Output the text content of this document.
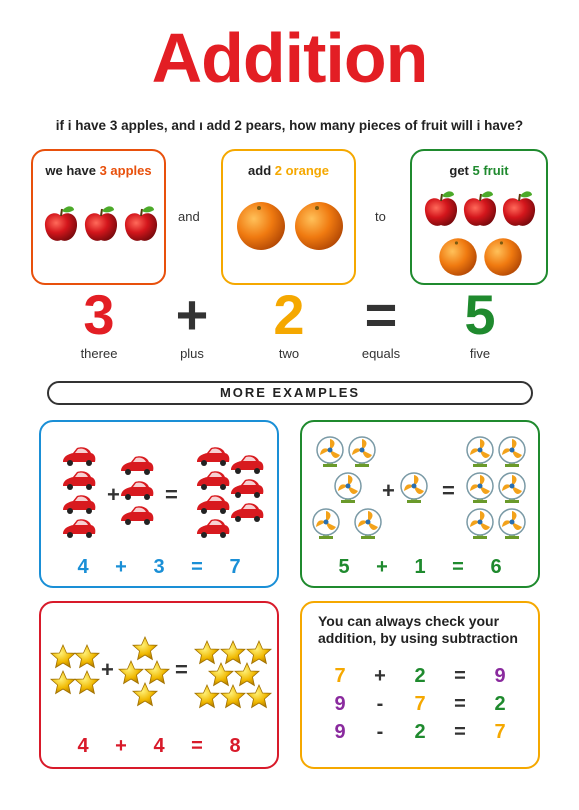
Addition
if i have 3 apples, and ı add 2 pears, how many pieces of fruit will i have?
we have 3 apples
and
add 2 orange
to
get 5 fruit
3
theree
+
plus
2
two
=
equals
5
five
MORE EXAMPLES
+ =
4 + 3 = 7
+ =
5 + 1 = 6
+	=
4 + 4 = 8
You can always check your
addition, by using subtraction
7 + 2 = 9
9 - 7 = 2
9 - 2 = 7
